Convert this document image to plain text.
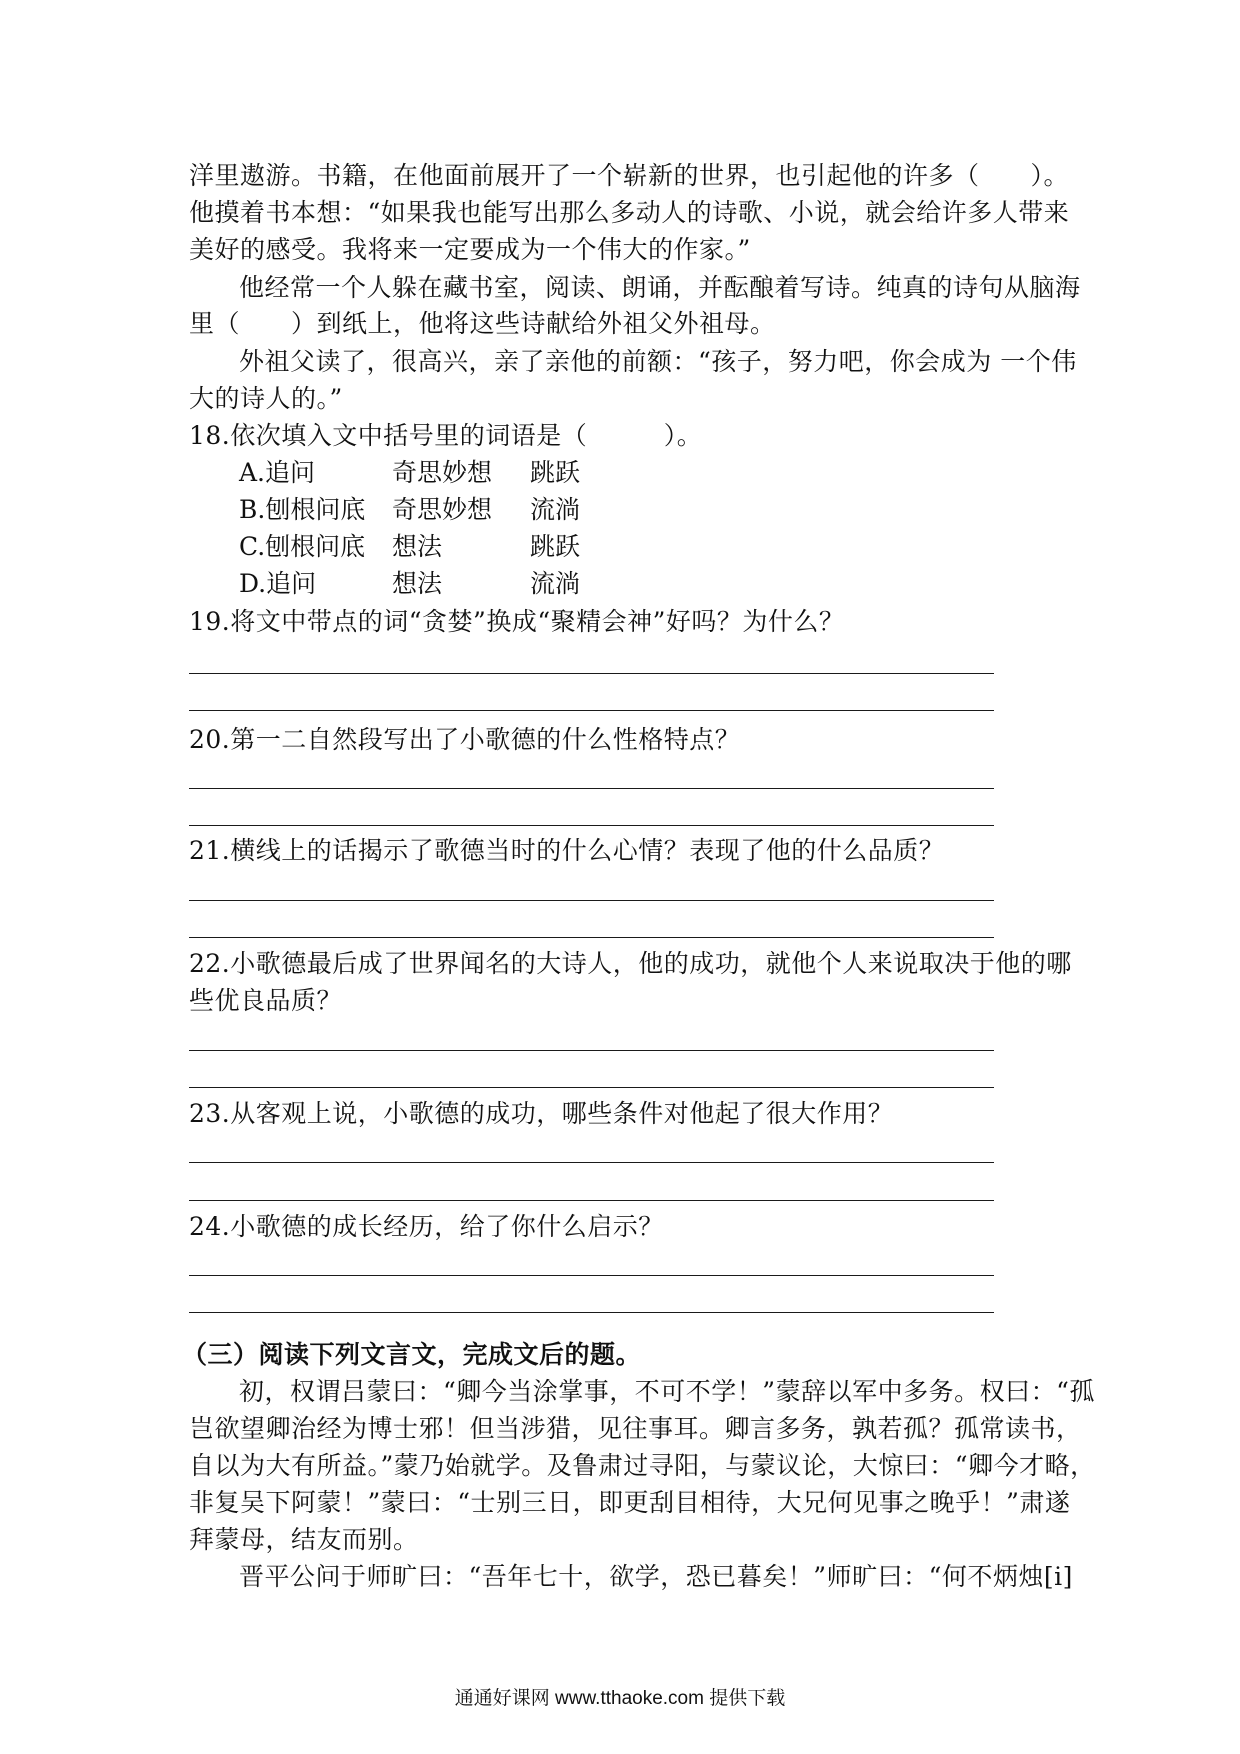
洋里遨游。书籍，在他面前展开了一个崭新的世界，也引起他的许多（　　）。
他摸着书本想：“如果我也能写出那么多动人的诗歌、小说，就会给许多人带来
美好的感受。我将来一定要成为一个伟大的作家。”
他经常一个人躲在藏书室，阅读、朗诵，并酝酿着写诗。纯真的诗句从脑海
里（　　）到纸上，他将这些诗献给外祖父外祖母。
外祖父读了，很高兴，亲了亲他的前额：“孩子，努力吧，你会成为 一个伟
大的诗人的。”
18.依次填入文中括号里的词语是（　　　）。
A.追问	奇思妙想 跳跃
B.刨根问底 奇思妙想 流淌
C.刨根问底 想法	跳跃
D.追问	想法	流淌
19.将文中带点的词“贪婪”换成“聚精会神”好吗？为什么？
20.第一二自然段写出了小歌德的什么性格特点？
21.横线上的话揭示了歌德当时的什么心情？表现了他的什么品质？
22.小歌德最后成了世界闻名的大诗人，他的成功，就他个人来说取决于他的哪
些优良品质？
23.从客观上说，小歌德的成功，哪些条件对他起了很大作用？
24.小歌德的成长经历，给了你什么启示？
（三）阅读下列文言文，完成文后的题。
初，权谓吕蒙曰：“卿今当涂掌事，不可不学！”蒙辞以军中多务。权曰：“孤
岂欲望卿治经为博士邪！但当涉猎，见往事耳。卿言多务，孰若孤？孤常读书，
自以为大有所益。”蒙乃始就学。及鲁肃过寻阳，与蒙议论，大惊曰：“卿今才略，
非复吴下阿蒙！”蒙曰：“士别三日，即更刮目相待，大兄何见事之晚乎！”肃遂
拜蒙母，结友而别。
晋平公问于师旷曰：“吾年七十，欲学，恐已暮矣！”师旷曰：“何不炳烛[i]
通通好课网 www.tthaoke.com 提供下载
